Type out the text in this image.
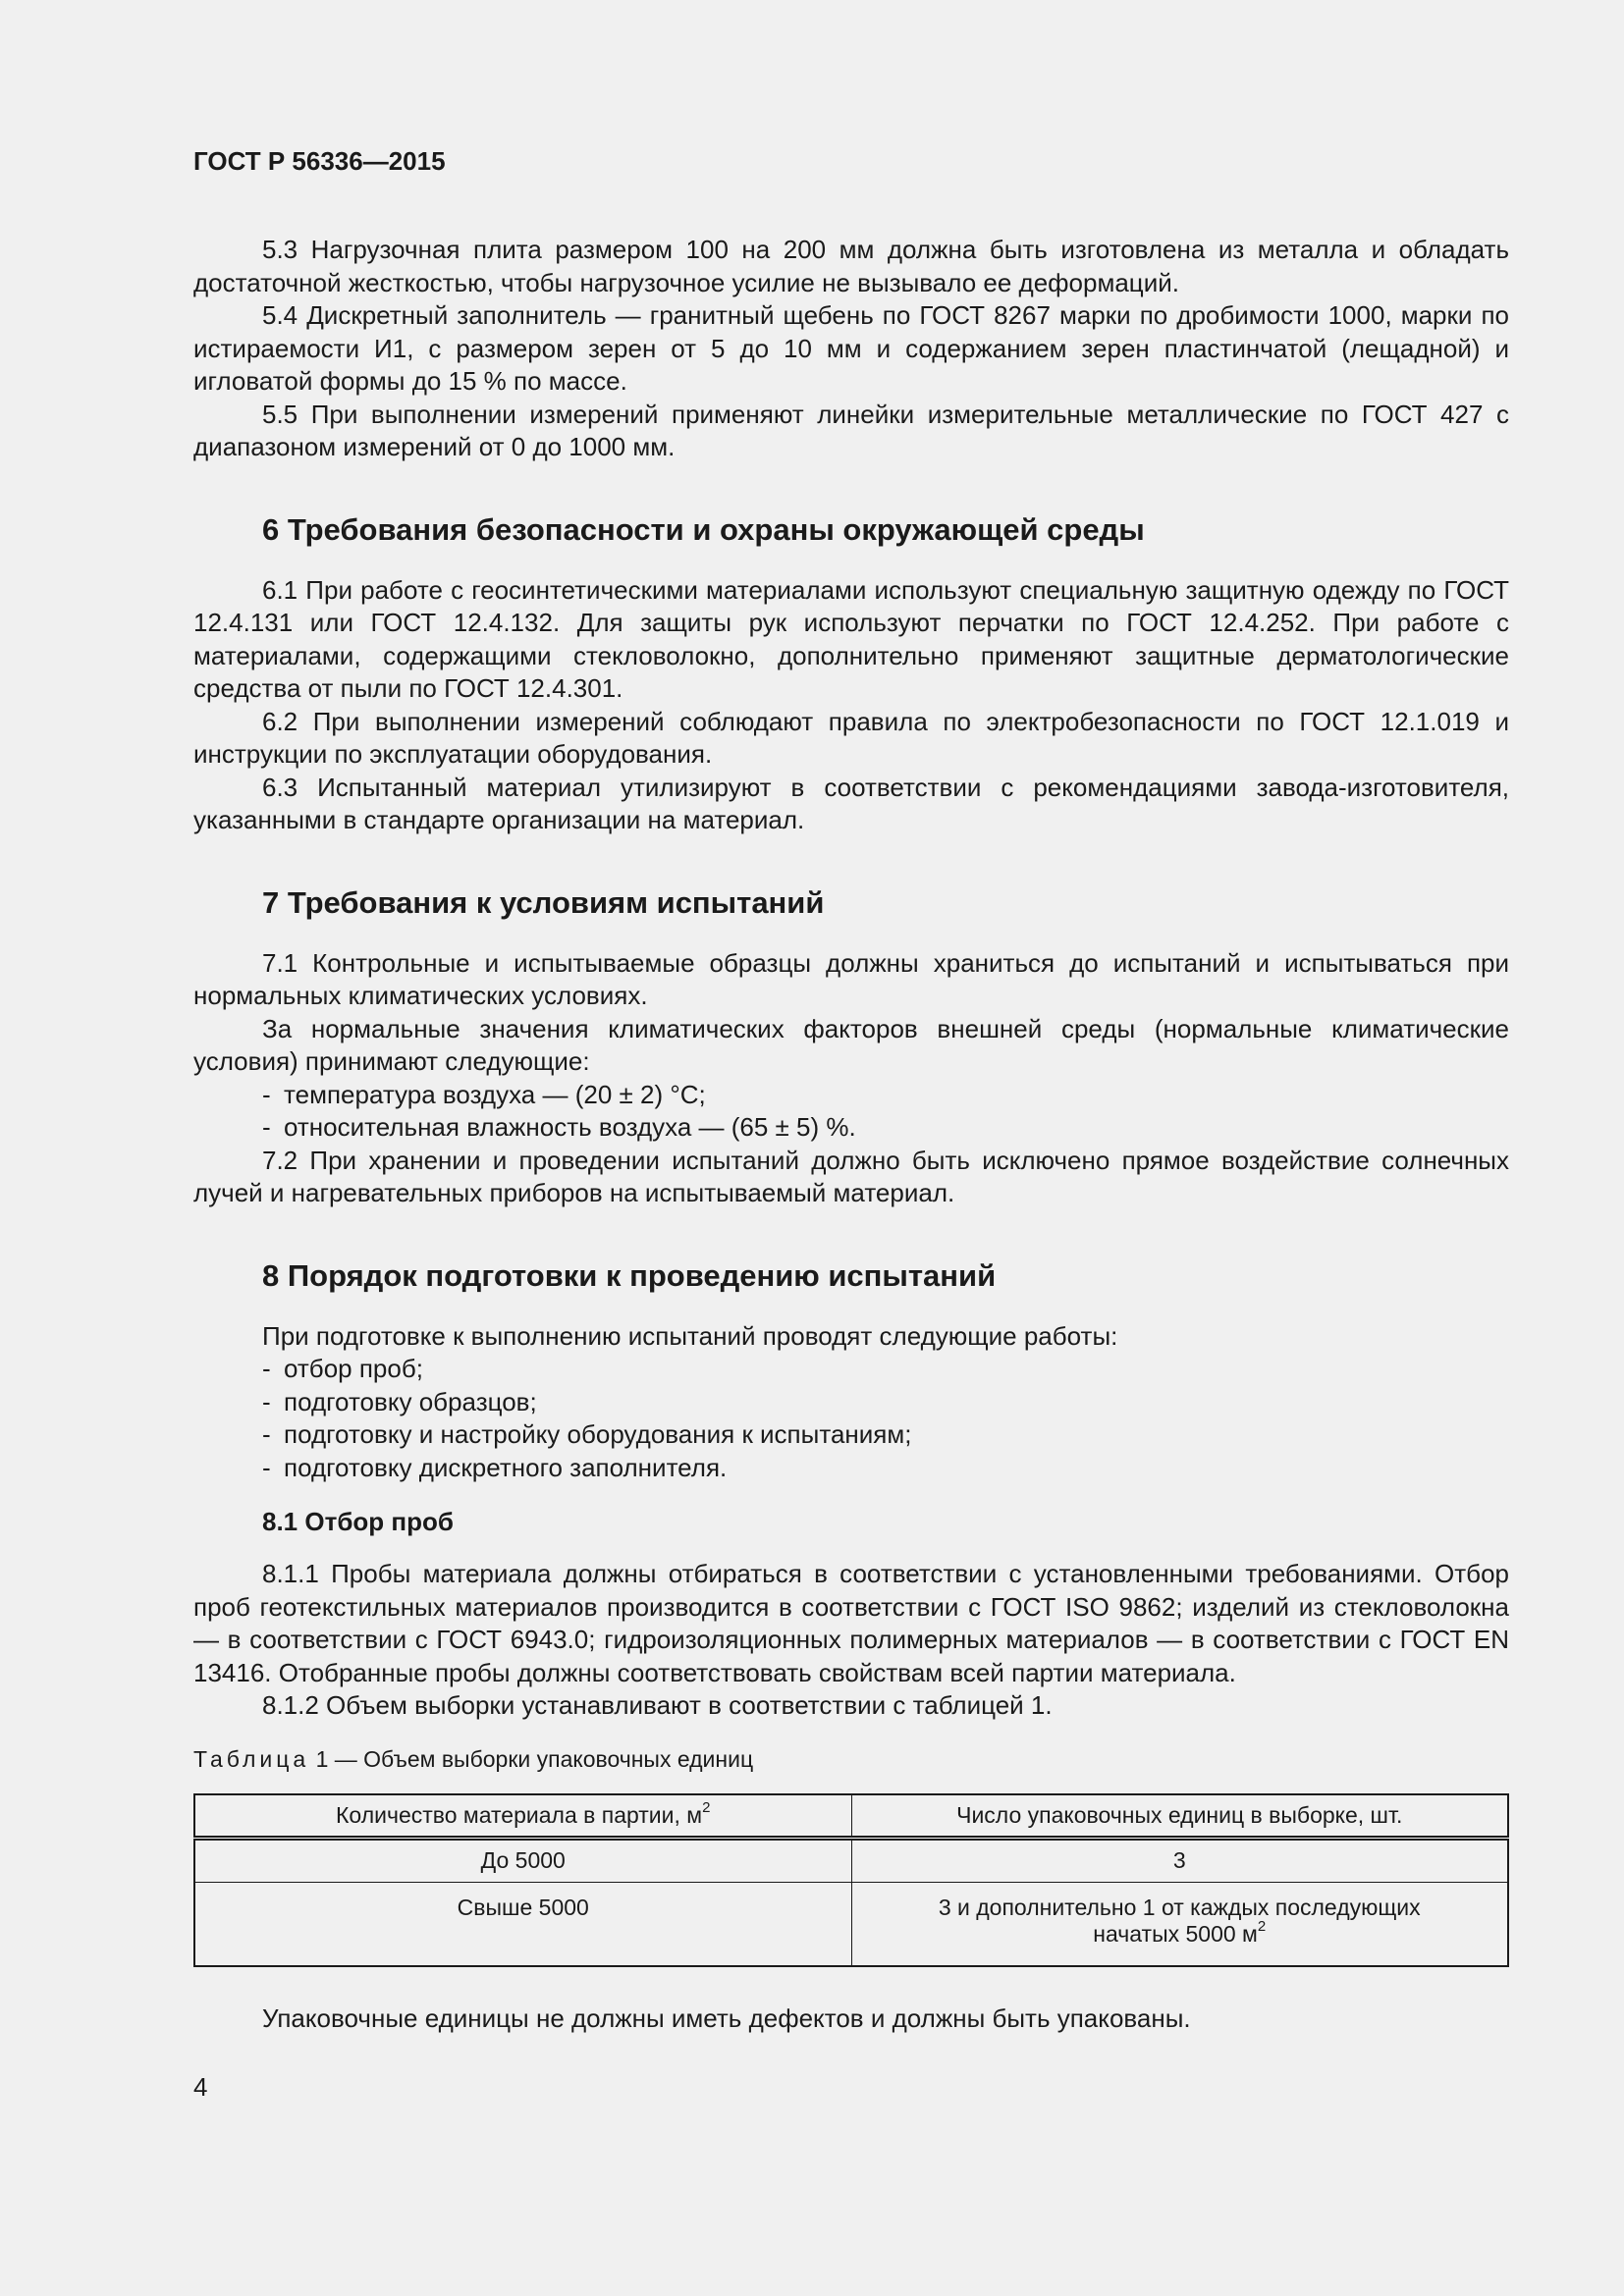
ГОСТ Р 56336—2015

5.3 Нагрузочная плита размером 100 на 200 мм должна быть изготовлена из металла и обладать достаточной жесткостью, чтобы нагрузочное усилие не вызывало ее деформаций.

5.4 Дискретный заполнитель — гранитный щебень по ГОСТ 8267 марки по дробимости 1000, марки по истираемости И1, с размером зерен от 5 до 10 мм и содержанием зерен пластинчатой (лещадной) и игловатой формы до 15 % по массе.

5.5 При выполнении измерений применяют линейки измерительные металлические по ГОСТ 427 с диапазоном измерений от 0 до 1000 мм.

6 Требования безопасности и охраны окружающей среды

6.1 При работе с геосинтетическими материалами используют специальную защитную одежду по ГОСТ 12.4.131 или ГОСТ 12.4.132. Для защиты рук используют перчатки по ГОСТ 12.4.252. При работе с материалами, содержащими стекловолокно, дополнительно применяют защитные дерматологические средства от пыли по ГОСТ 12.4.301.

6.2 При выполнении измерений соблюдают правила по электробезопасности по ГОСТ 12.1.019 и инструкции по эксплуатации оборудования.

6.3 Испытанный материал утилизируют в соответствии с рекомендациями завода-изготовителя, указанными в стандарте организации на материал.

7 Требования к условиям испытаний

7.1 Контрольные и испытываемые образцы должны храниться до испытаний и испытываться при нормальных климатических условиях.

За нормальные значения климатических факторов внешней среды (нормальные климатические условия) принимают следующие:

- температура воздуха — (20 ± 2) °С;
- относительная влажность воздуха — (65 ± 5) %.

7.2 При хранении и проведении испытаний должно быть исключено прямое воздействие солнечных лучей и нагревательных приборов на испытываемый материал.

8 Порядок подготовки к проведению испытаний

При подготовке к выполнению испытаний проводят следующие работы:

- отбор проб;
- подготовку образцов;
- подготовку и настройку оборудования к испытаниям;
- подготовку дискретного заполнителя.
8.1 Отбор проб

8.1.1 Пробы материала должны отбираться в соответствии с установленными требованиями. Отбор проб геотекстильных материалов производится в соответствии с ГОСТ ISO 9862; изделий из стекловолокна — в соответствии с ГОСТ 6943.0; гидроизоляционных полимерных материалов — в соответствии с ГОСТ EN 13416. Отобранные пробы должны соответствовать свойствам всей партии материала.

8.1.2 Объем выборки устанавливают в соответствии с таблицей 1.

Таблица 1 — Объем выборки упаковочных единиц
Количество материала в партии, $м^2$	Число упаковочных единиц в выборке, шт.
До 5000	3
Свыше 5000	3 и дополнительно 1 от каждых последующих
начатых 5000 $м^2$

Упаковочные единицы не должны иметь дефектов и должны быть упакованы.

4
